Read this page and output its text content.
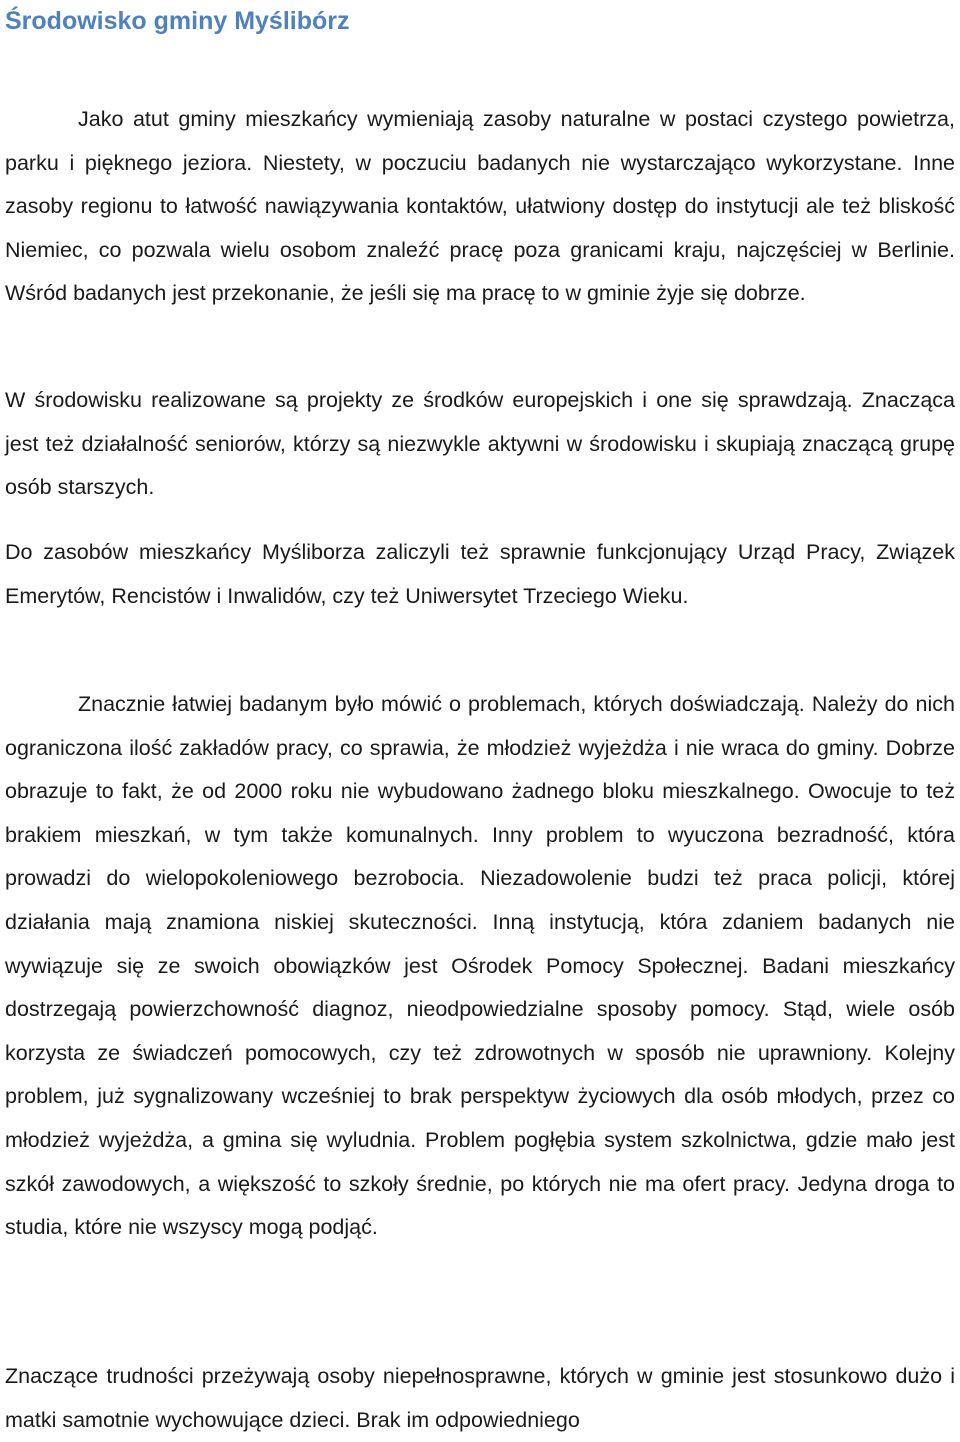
Środowisko gminy Myślibórz

Jako atut gminy mieszkańcy wymieniają zasoby naturalne w postaci czystego powietrza, parku i pięknego jeziora. Niestety, w poczuciu badanych nie wystarczająco wykorzystane. Inne zasoby regionu to łatwość nawiązywania kontaktów, ułatwiony dostęp do instytucji ale też bliskość Niemiec, co pozwala wielu osobom znaleźć pracę poza granicami kraju, najczęściej w Berlinie. Wśród badanych jest przekonanie, że jeśli się ma pracę to w gminie żyje się dobrze.

W środowisku realizowane są projekty ze środków europejskich i one się sprawdzają. Znacząca jest też działalność seniorów, którzy są niezwykle aktywni w środowisku i skupiają znaczącą grupę osób starszych.

Do zasobów mieszkańcy Myśliborza zaliczyli też sprawnie funkcjonujący Urząd Pracy, Związek Emerytów, Rencistów i Inwalidów, czy też Uniwersytet Trzeciego Wieku.

Znacznie łatwiej badanym było mówić o problemach, których doświadczają. Należy do nich ograniczona ilość zakładów pracy, co sprawia, że młodzież wyjeżdża i nie wraca do gminy. Dobrze obrazuje to fakt, że od 2000 roku nie wybudowano żadnego bloku mieszkalnego. Owocuje to też brakiem mieszkań, w tym także komunalnych. Inny problem to wyuczona bezradność, która prowadzi do wielopokoleniowego bezrobocia. Niezadowolenie budzi też praca policji, której działania mają znamiona niskiej skuteczności. Inną instytucją, która zdaniem badanych nie wywiązuje się ze swoich obowiązków jest Ośrodek Pomocy Społecznej. Badani mieszkańcy dostrzegają powierzchowność diagnoz, nieodpowiedzialne sposoby pomocy. Stąd, wiele osób korzysta ze świadczeń pomocowych, czy też zdrowotnych w sposób nie uprawniony. Kolejny problem, już sygnalizowany wcześniej to brak perspektyw życiowych dla osób młodych, przez co młodzież wyjeżdża, a gmina się wyludnia. Problem pogłębia system szkolnictwa, gdzie mało jest szkół zawodowych, a większość to szkoły średnie, po których nie ma ofert pracy. Jedyna droga to studia, które nie wszyscy mogą podjąć.

Znaczące trudności przeżywają osoby niepełnosprawne, których w gminie jest stosunkowo dużo i matki samotnie wychowujące dzieci. Brak im odpowiedniego
